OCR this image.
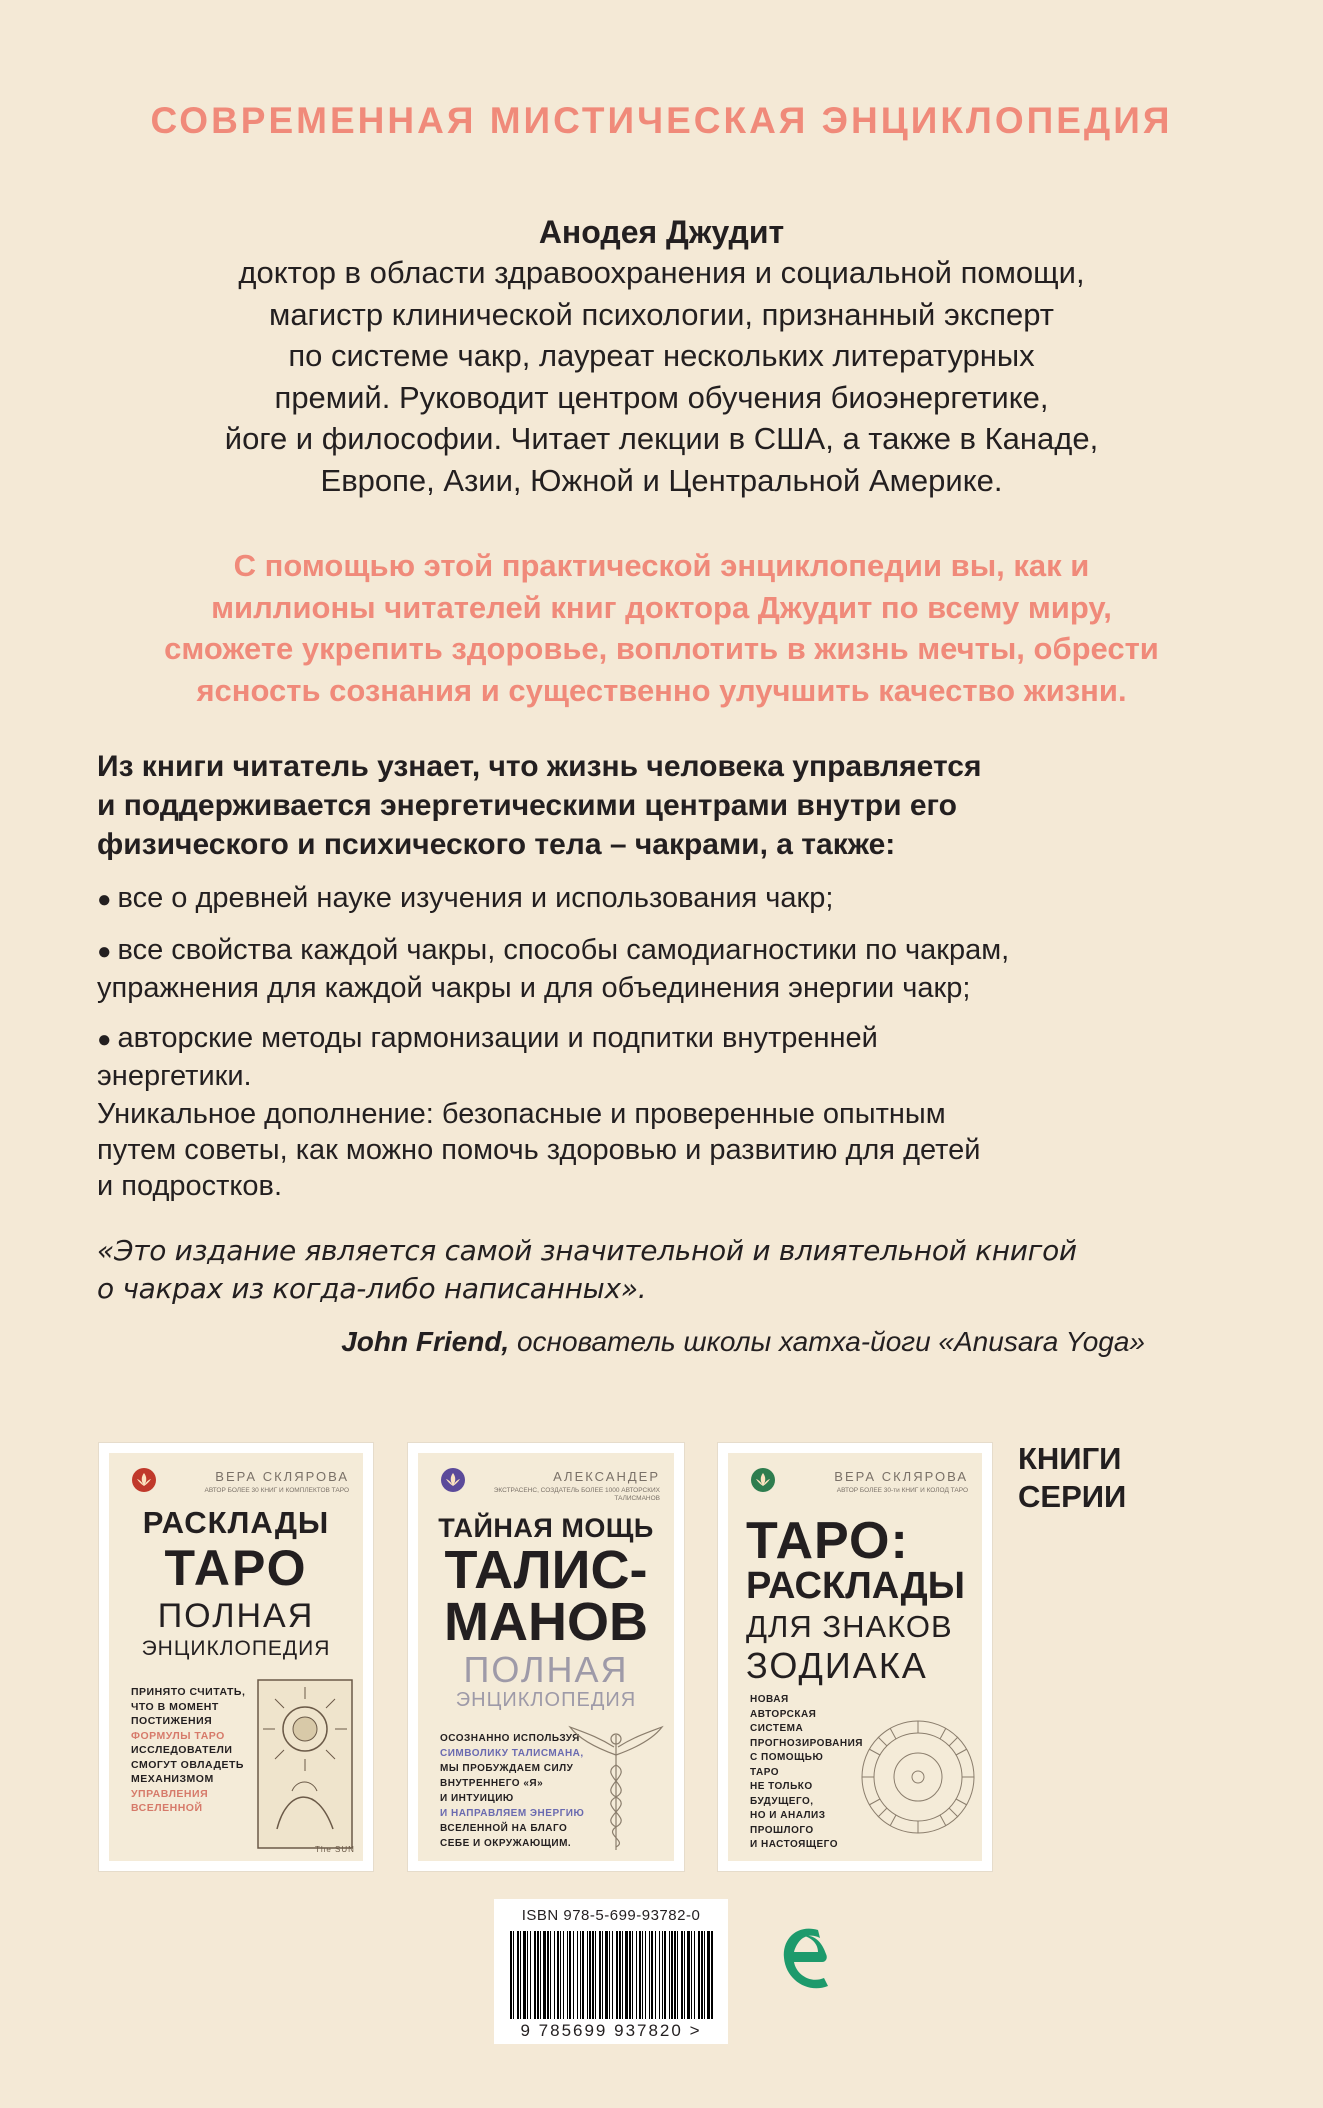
СОВРЕМЕННАЯ МИСТИЧЕСКАЯ ЭНЦИКЛОПЕДИЯ
Анодея Джудит
доктор в области здравоохранения и социальной помощи,
магистр клинической психологии, признанный эксперт
по системе чакр, лауреат нескольких литературных
премий. Руководит центром обучения биоэнергетике,
йоге и философии. Читает лекции в США, а также в Канаде,
Европе, Азии, Южной и Центральной Америке.
С помощью этой практической энциклопедии вы, как и
миллионы читателей книг доктора Джудит по всему миру,
сможете укрепить здоровье, воплотить в жизнь мечты, обрести
ясность сознания и существенно улучшить качество жизни.
Из книги читатель узнает, что жизнь человека управляется
и поддерживается энергетическими центрами внутри его
физического и психического тела – чакрами, а также:
● все о древней науке изучения и использования чакр;
● все свойства каждой чакры, способы самодиагностики по чакрам,
упражнения для каждой чакры и для объединения энергии чакр;
● авторские методы гармонизации и подпитки внутренней
энергетики.
Уникальное дополнение: безопасные и проверенные опытным
путем советы, как можно помочь здоровью и развитию для детей
и подростков.
«Это издание является самой значительной и влиятельной книгой
о чакрах из когда-либо написанных».
John Friend, основатель школы хатха-йоги «Anusara Yoga»
ВЕРА СКЛЯРОВА
АВТОР БОЛЕЕ 30 КНИГ И КОМПЛЕКТОВ ТАРО
РАСКЛАДЫ
ТАРО
ПОЛНАЯ
ЭНЦИКЛОПЕДИЯ
ПРИНЯТО СЧИТАТЬ,
ЧТО В МОМЕНТ
ПОСТИЖЕНИЯ
ФОРМУЛЫ ТАРО
ИССЛЕДОВАТЕЛИ
СМОГУТ ОВЛАДЕТЬ
МЕХАНИЗМОМ
УПРАВЛЕНИЯ
ВСЕЛЕННОЙ
The SUN
АЛЕКСАНДЕР
ЭКСТРАСЕНС, СОЗДАТЕЛЬ БОЛЕЕ 1000 АВТОРСКИХ ТАЛИСМАНОВ
ТАЙНАЯ МОЩЬ
ТАЛИС-
МАНОВ
ПОЛНАЯ
ЭНЦИКЛОПЕДИЯ
ОСОЗНАННО ИСПОЛЬЗУЯ
СИМВОЛИКУ ТАЛИСМАНА,
МЫ ПРОБУЖДАЕМ СИЛУ
ВНУТРЕННЕГО «Я»
И ИНТУИЦИЮ
И НАПРАВЛЯЕМ ЭНЕРГИЮ
ВСЕЛЕННОЙ НА БЛАГО
СЕБЕ И ОКРУЖАЮЩИМ.
ВЕРА СКЛЯРОВА
АВТОР БОЛЕЕ 30-ти КНИГ И КОЛОД ТАРО
ТАРО:
РАСКЛАДЫ
ДЛЯ ЗНАКОВ
ЗОДИАКА
НОВАЯ
АВТОРСКАЯ
СИСТЕМА
ПРОГНОЗИРОВАНИЯ
С ПОМОЩЬЮ
ТАРО
НЕ ТОЛЬКО
БУДУЩЕГО,
НО И АНАЛИЗ
ПРОШЛОГО
И НАСТОЯЩЕГО
КНИГИ
СЕРИИ
ISBN 978-5-699-93782-0
9 785699 937820 >
